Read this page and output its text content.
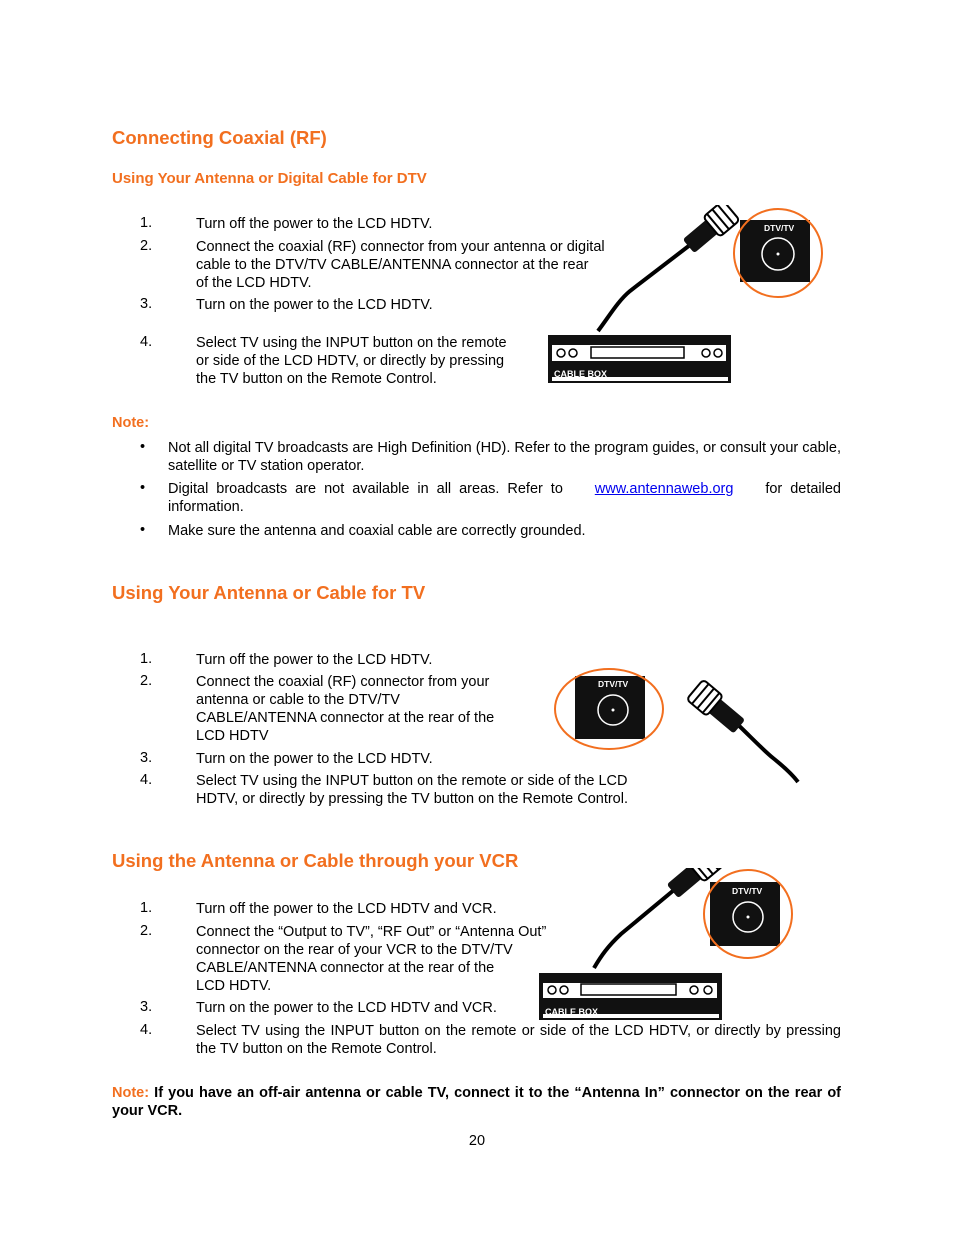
Connecting Coaxial (RF)
Using Your Antenna or Digital Cable for DTV
1.	Turn off the power to the LCD HDTV.
2.	Connect the coaxial (RF) connector from your antenna or digital
cable to the DTV/TV CABLE/ANTENNA connector at the rear
of the LCD HDTV.
3.	Turn on the power to the LCD HDTV.
4.	Select TV using the INPUT button on the remote
or side of the LCD HDTV, or directly by pressing
the TV button on the Remote Control.
DTV/TV
CABLE BOX
Note:
• Not all digital TV broadcasts are High Definition (HD). Refer to the program guides, or consult your cable, satellite or TV station operator.
• Digital broadcasts are not available in all areas. Refer to www.antennaweb.org for detailed information.
• Make sure the antenna and coaxial cable are correctly grounded.
Using Your Antenna or Cable for TV
1.	Turn off the power to the LCD HDTV.
2.	Connect the coaxial (RF) connector from your
antenna or cable to the DTV/TV
CABLE/ANTENNA connector at the rear of the
LCD HDTV
3.	Turn on the power to the LCD HDTV.
4.	Select TV using the INPUT button on the remote or side of the LCD
HDTV, or directly by pressing the TV button on the Remote Control.
DTV/TV
Using the Antenna or Cable through your VCR
1.	Turn off the power to the LCD HDTV and VCR.
2.	Connect the “Output to TV”, “RF Out” or “Antenna Out”
connector on the rear of your VCR to the DTV/TV
CABLE/ANTENNA connector at the rear of the
LCD HDTV.
3.	Turn on the power to the LCD HDTV and VCR.
4.	Select TV using the INPUT button on the remote or side of the LCD HDTV, or directly by pressing the TV button on the Remote Control.
DTV/TV
CABLE BOX
Note: If you have an off-air antenna or cable TV, connect it to the “Antenna In” connector on the rear of your VCR.
20
